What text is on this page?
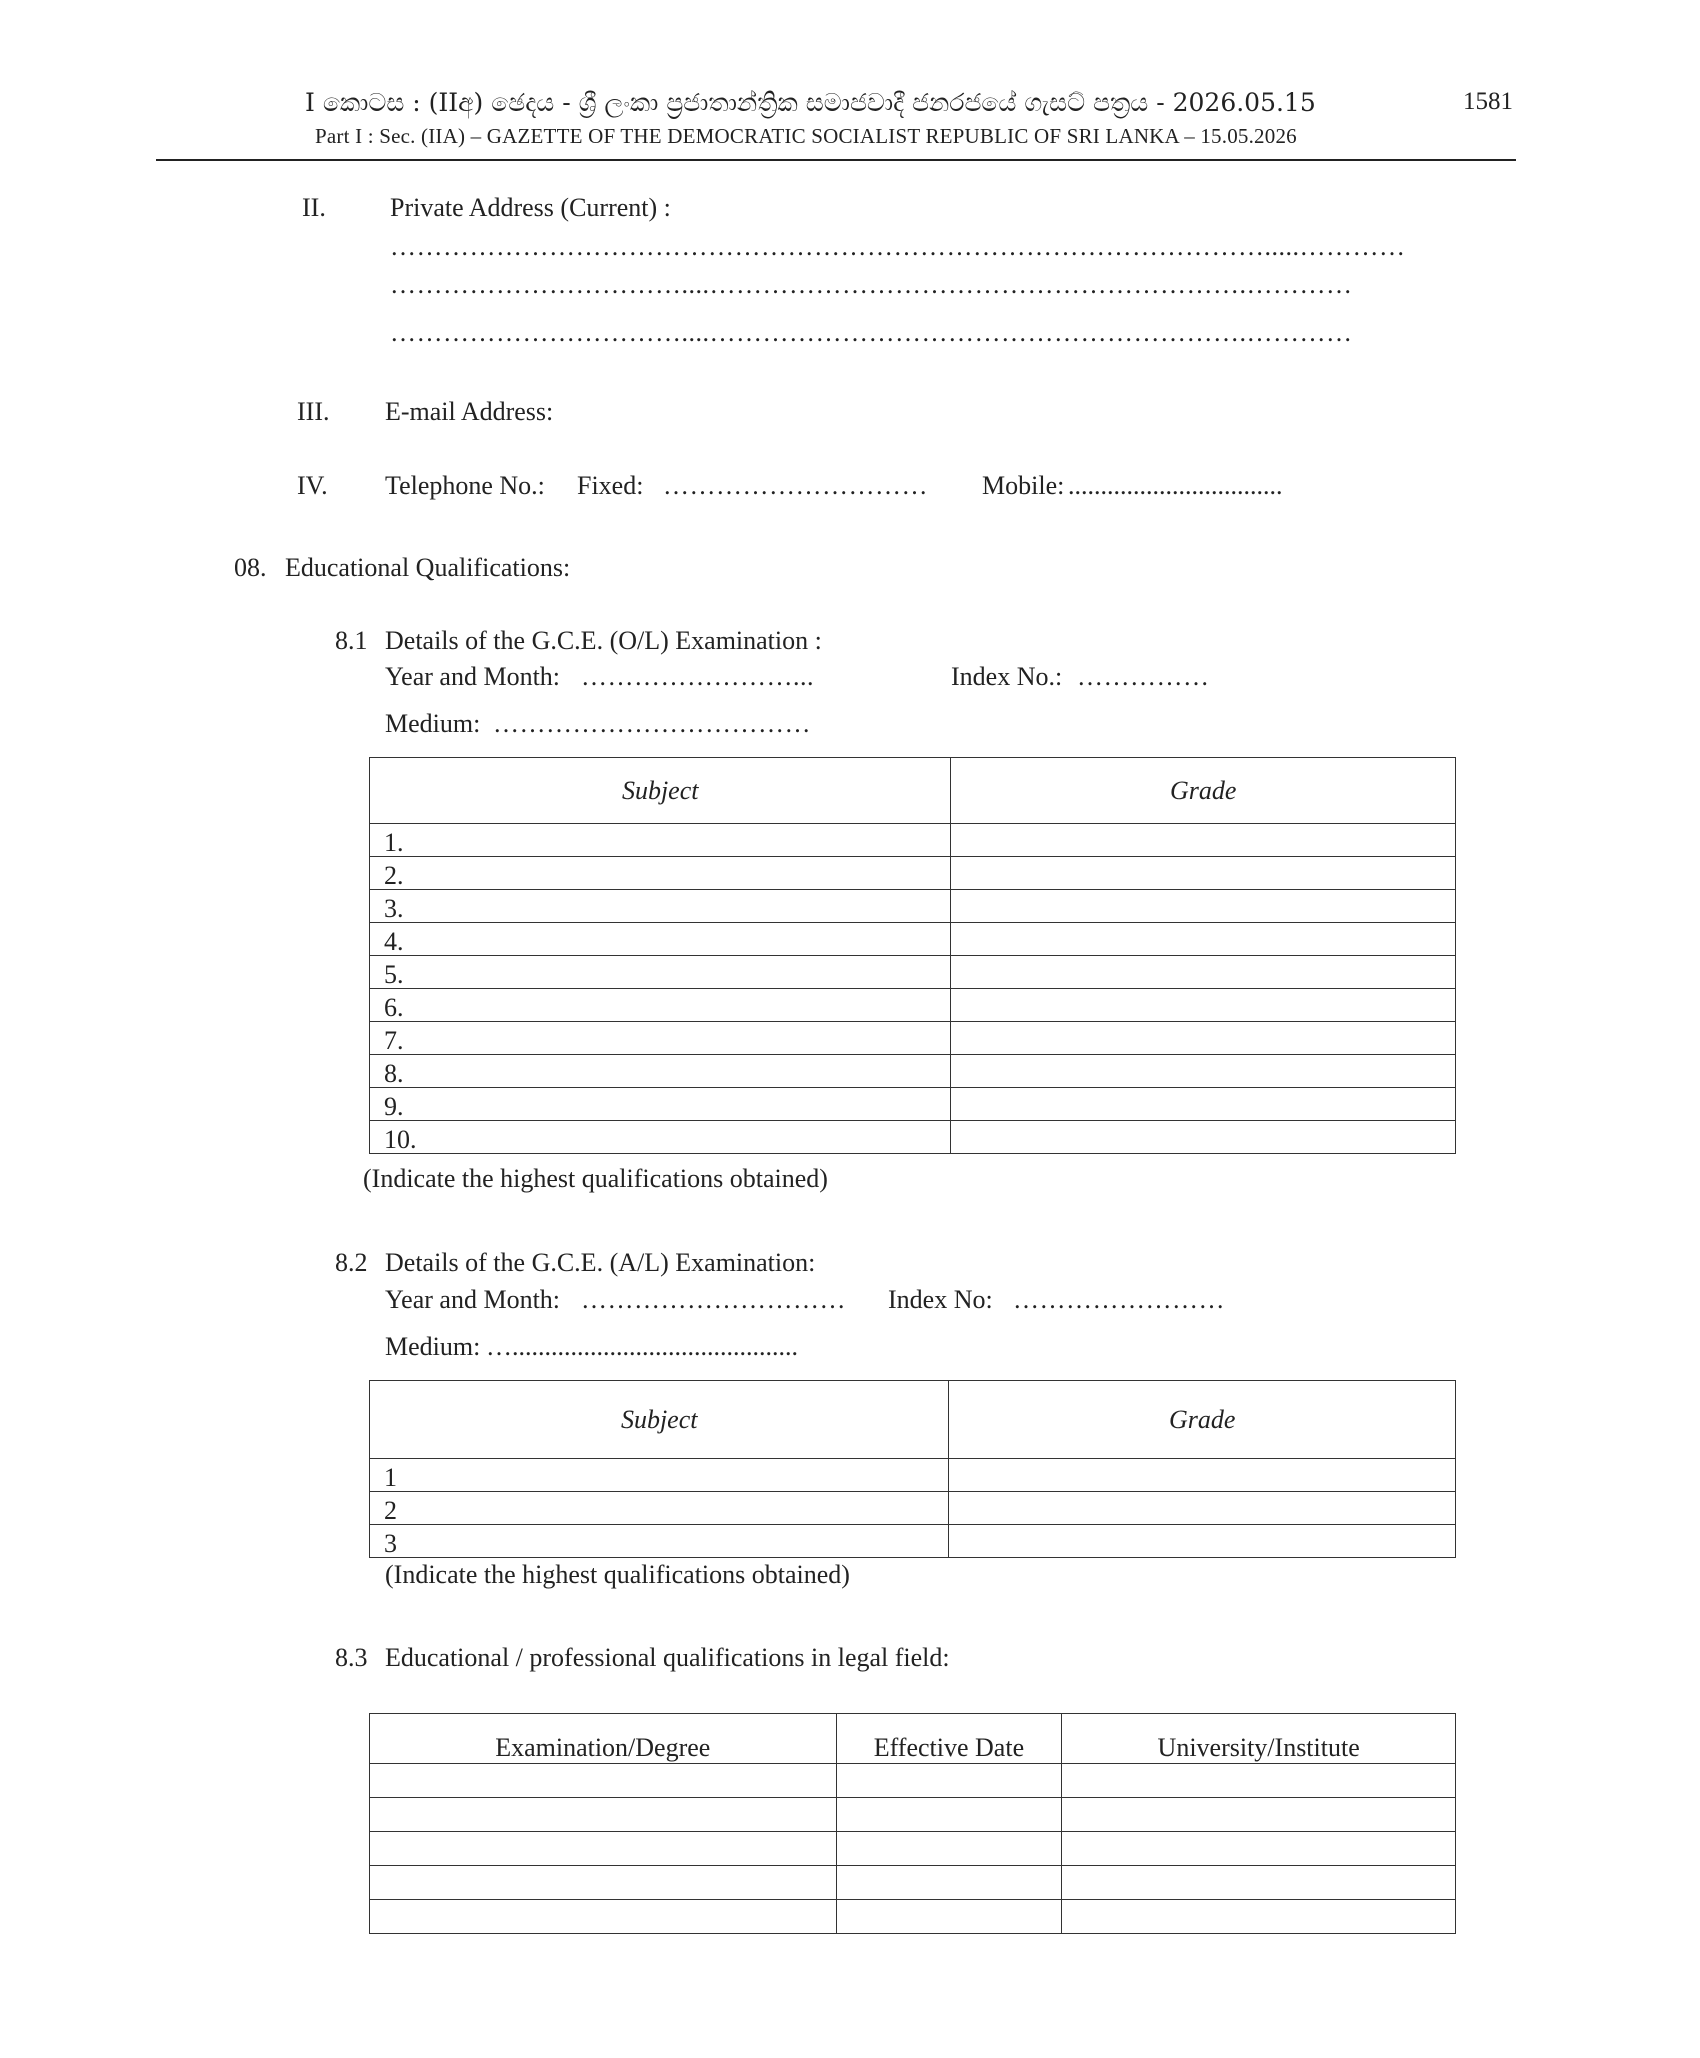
I කොටස : (IIඅ) ඡෙදය - ශ්‍රී ලංකා ප්‍රජාතාන්ත්‍රික සමාජවාදී ජනරජයේ ගැසට් පත්‍රය - 2026.05.15
Part I : Sec. (IIA) – GAZETTE OF THE DEMOCRATIC SOCIALIST REPUBLIC OF SRI LANKA – 15.05.2026
1581
II. Private Address (Current) :
……………………………………………………………………………………….....…………
……………………………....…………………………………………………….…………
……………………………....…………………………………………………….…………
III. E-mail Address:
IV. Telephone No.: Fixed: ………………………… Mobile: .................................
08. Educational Qualifications:
8.1 Details of the G.C.E. (O/L) Examination :
Year and Month: ……………………...	Index No.: ……………
Medium: ………………………………
Subject	Grade
1.	
2.	
3.	
4.	
5.	
6.	
7.	
8.	
9.	
10.	
(Indicate the highest qualifications obtained)
8.2 Details of the G.C.E. (A/L) Examination:
Year and Month: ………………………… Index No: ……………………
Medium: …............................................
Subject	Grade
1	
2	
3	
(Indicate the highest qualifications obtained)
8.3 Educational / professional qualifications in legal field:
Examination/Degree	Effective Date	University/Institute
